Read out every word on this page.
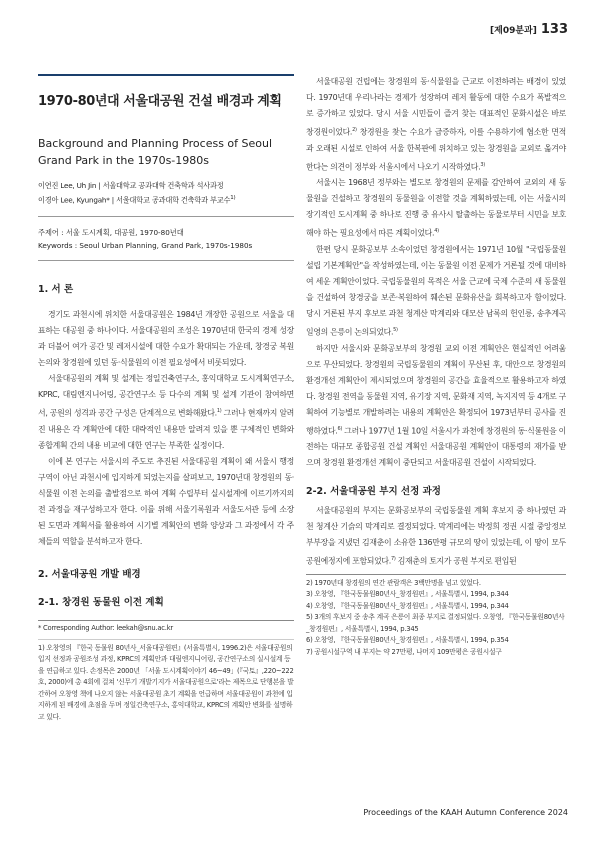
[제09분과] 133
1970-80년대 서울대공원 건설 배경과 계획
Background and Planning Process of Seoul Grand Park in the 1970s-1980s
이연진 Lee, Uh Jin | 서울대학교 공과대학 건축학과 석사과정
이경아 Lee, Kyungah* | 서울대학교 공과대학 건축학과 부교수$^{1)}$
주제어 : 서울 도시계획, 대공원, 1970-80년대
Keywords : Seoul Urban Planning, Grand Park, 1970s-1980s
1. 서 론

경기도 과천시에 위치한 서울대공원은 1984년 개장한 공원으로 서울을 대표하는 대공원 중 하나이다. 서울대공원의 조성은 1970년대 한국의 경제 성장과 더불어 여가 공간 및 레저시설에 대한 수요가 확대되는 가운데, 창경궁 복원 논의와 창경원에 있던 동·식물원의 이전 필요성에서 비롯되었다.

서울대공원의 계획 및 설계는 정일건축연구소, 홍익대학교 도시계획연구소, KPRC, 대림엔지니어링, 공간연구소 등 다수의 계획 및 설계 기관이 참여하면서, 공원의 성격과 공간 구성은 단계적으로 변화해왔다.$^{1)}$ 그러나 현재까지 알려진 내용은 각 계획안에 대한 대략적인 내용만 알려져 있을 뿐 구체적인 변화와 종합계획 간의 내용 비교에 대한 연구는 부족한 실정이다.

이에 본 연구는 서울시의 주도로 추진된 서울대공원 계획이 왜 서울시 행정구역이 아닌 과천시에 입지하게 되었는지를 살펴보고, 1970년대 창경원의 동·식물원 이전 논의를 출발점으로 하여 계획 수립부터 실시설계에 이르기까지의 전 과정을 재구성하고자 한다. 이를 위해 서울기록원과 서울도서관 등에 소장된 도면과 계획서를 활용하여 시기별 계획안의 변화 양상과 그 과정에서 각 주체들의 역할을 분석하고자 한다.

2. 서울대공원 개발 배경
2-1. 창경원 동물원 이전 계획

* Corresponding Author: leekah@snu.ac.kr

1) 오창영의 『한국 동물원 80년사_서울대공원편』(서울특별시, 1996.2)은 서울대공원의 입지 선정과 공원조성 과정, KPRC의 계획안과 대림엔지니어링, 공간연구소의 실시설계 등을 연급하고 있다. 손정목은 2000년 「서울 도시계획이야기 46~49」(『국토』,220~222호, 2000)에 총 4회에 걸쳐 '신무기 개발기지가 서울대공원으로'라는 제목으로 단행본을 발간하여 오창영 책에 나오지 않는 서울대공원 초기 계획을 언급하며 서울대공원이 과천에 입지하게 된 배경에 초점을 두며 정일건축연구소, 홍익대학교, KPRC의 계획안 변화를 설명하고 있다.

서울대공원 건립에는 창경원의 동·식물원을 근교로 이전하려는 배경이 있었다. 1970년대 우리나라는 경제가 성장하며 레저 활동에 대한 수요가 폭발적으로 증가하고 있었다. 당시 서울 시민들이 즐겨 찾는 대표적인 문화시설은 바로 창경원이었다.$^{2)}$ 창경원을 찾는 수요가 급증하자, 이를 수용하기에 협소한 면적과 오래된 시설로 인하여 서울 한복판에 위치하고 있는 창경원을 교외로 옮겨야 한다는 의견이 정부와 서울시에서 나오기 시작하였다.$^{3)}$

서울시는 1968년 정부와는 별도로 창경원의 문제를 감안하여 교외의 새 동물원을 건설하고 창경원의 동물원을 이전할 것을 계획하였는데, 이는 서울시의 장기적인 도시계획 중 하나로 진행 중 유사시 탈출하는 동물로부터 시민을 보호해야 하는 필요성에서 따른 계획이었다.$^{4)}$

한편 당시 문화공보부 소속이었던 창경원에서는 1971년 10월 "국립동물원 설립 기본계획안"을 작성하였는데, 이는 동물원 이전 문제가 거론될 것에 대비하여 세운 계획안이었다. 국립동물원의 목적은 서울 근교에 국제 수준의 새 동물원을 건설하여 창경궁을 보존·복원하여 훼손된 문화유산을 회복하고자 함이었다. 당시 거론된 부지 후보로 과천 청계산 막계리와 대모산 남록의 헌인릉, 송추계곡 일영의 은릉이 논의되었다.$^{5)}$

하지만 서울시와 문화공보부의 창경원 교외 이전 계획안은 현실적인 어려움으로 무산되었다. 창경원의 국립동물원의 계획이 무산된 후, 대안으로 창경원의 환경개선 계획안이 제시되었으며 창경원의 공간을 효율적으로 활용하고자 하였다. 창경원 전역을 동물원 지역, 유기장 지역, 문화재 지역, 녹지지역 등 4개로 구획하여 기능별로 개발하려는 내용의 계획안은 확정되어 1973년부터 공사를 진행하였다.$^{6)}$ 그러나 1977년 1월 10일 서울시가 과천에 창경원의 동·식물원을 이전하는 대규모 종합공원 건설 계획인 서울대공원 계획안이 대통령의 재가를 받으며 창경원 환경개선 계획이 중단되고 서울대공원 건설이 시작되었다.

2-2. 서울대공원 부지 선정 과정

서울대공원의 부지는 문화공보부의 국립동물원 계획 후보지 중 하나였던 과천 청계산 기슭의 막계리로 결정되었다. 막계리에는 박정희 정권 시절 중앙정보부부장을 지냈던 김재춘이 소유한 136만평 규모의 땅이 있었는데, 이 땅이 모두 공원예정지에 포함되었다.$^{7)}$ 김재춘의 토지가 공원 부지로 편입된

2) 1970년대 창경원의 연간 관람객은 3백만명을 넘고 있었다.

3) 오창영, 『한국동물원80년사_창경원편』, 서울특별시, 1994, p.344

4) 오창영, 『한국동물원80년사_창경원편』, 서울특별시, 1994, p.344

5) 3개의 후보지 중 송추 계곡 은릉이 최종 부지로 결정되었다. 오창영, 『한국동물원80년사_창경원편』, 서울특별시, 1994, p.345

6) 오창영, 『한국동물원80년사_창경원편』, 서울특별시, 1994, p.354

7) 공원시설구역 내 부지는 약 27만평, 나머지 109만평은 공원시설구

Proceedings of the KAAH Autumn Conference 2024
